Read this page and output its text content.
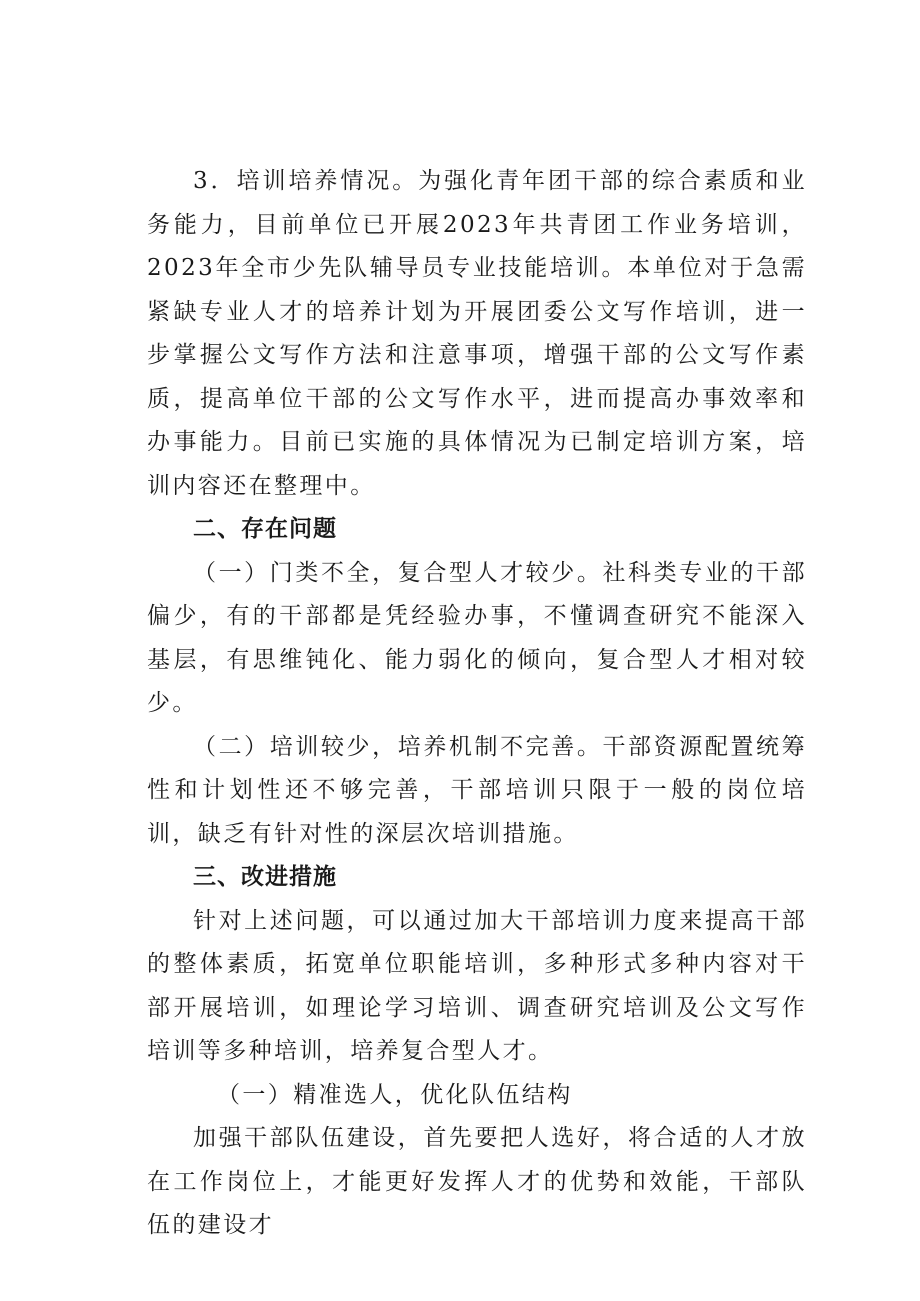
3．培训培养情况。为强化青年团干部的综合素质和业务能力，目前单位已开展2023年共青团工作业务培训，2023年全市少先队辅导员专业技能培训。本单位对于急需紧缺专业人才的培养计划为开展团委公文写作培训，进一步掌握公文写作方法和注意事项，增强干部的公文写作素质，提高单位干部的公文写作水平，进而提高办事效率和办事能力。目前已实施的具体情况为已制定培训方案，培训内容还在整理中。

二、存在问题

（一）门类不全，复合型人才较少。社科类专业的干部偏少，有的干部都是凭经验办事，不懂调查研究不能深入基层，有思维钝化、能力弱化的倾向，复合型人才相对较少。

（二）培训较少，培养机制不完善。干部资源配置统筹性和计划性还不够完善，干部培训只限于一般的岗位培训，缺乏有针对性的深层次培训措施。

三、改进措施

针对上述问题，可以通过加大干部培训力度来提高干部的整体素质，拓宽单位职能培训，多种形式多种内容对干部开展培训，如理论学习培训、调查研究培训及公文写作培训等多种培训，培养复合型人才。

（一）精准选人，优化队伍结构

加强干部队伍建设，首先要把人选好，将合适的人才放在工作岗位上，才能更好发挥人才的优势和效能，干部队伍的建设才
